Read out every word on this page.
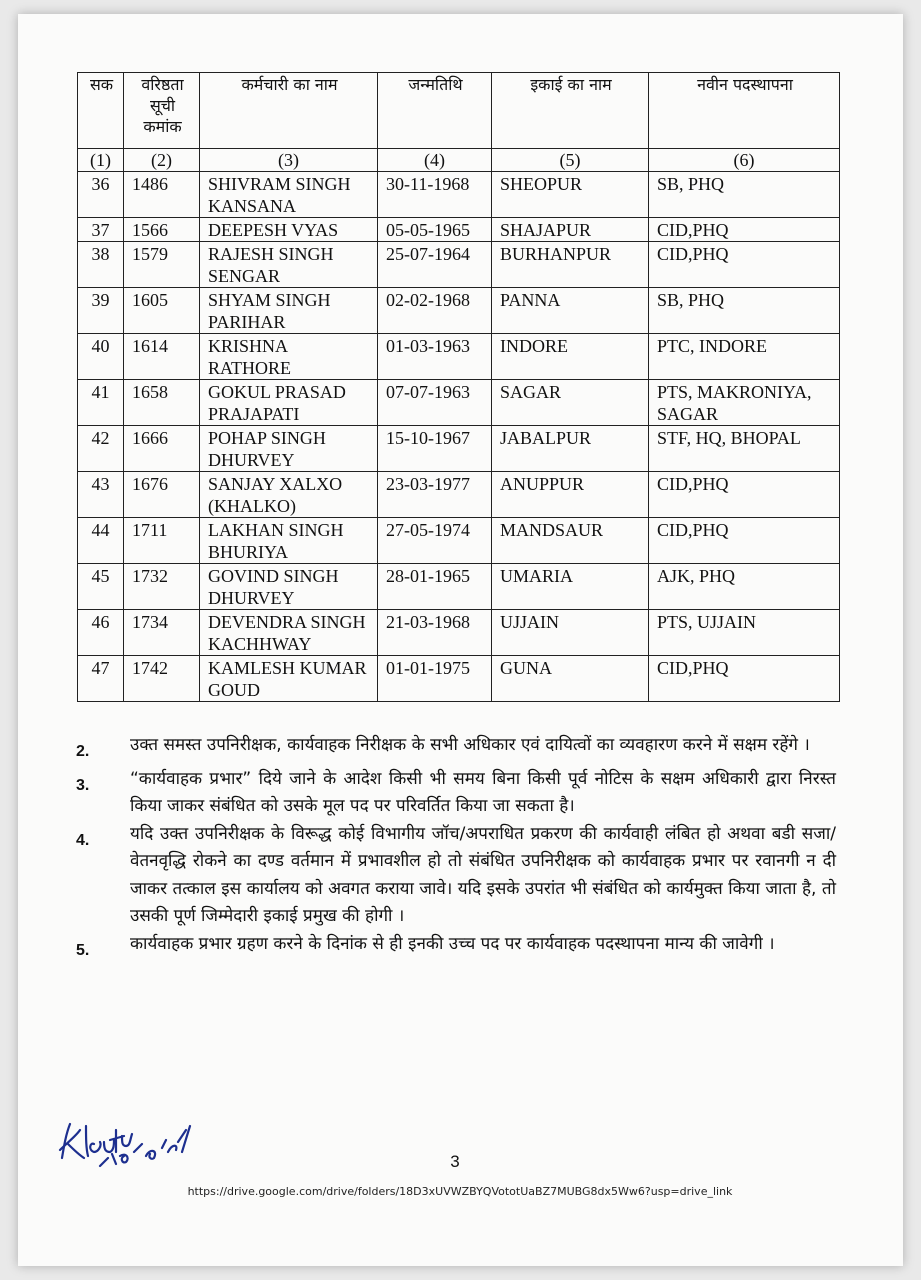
सक	वरिष्ठता सूची कमांक	कर्मचारी का नाम	जन्मतिथि	इकाई का नाम	नवीन पदस्थापना
(1)	(2)	(3)	(4)	(5)	(6)
36	1486	SHIVRAM SINGH KANSANA	30-11-1968	SHEOPUR	SB, PHQ
37	1566	DEEPESH VYAS	05-05-1965	SHAJAPUR	CID,PHQ
38	1579	RAJESH SINGH SENGAR	25-07-1964	BURHANPUR	CID,PHQ
39	1605	SHYAM SINGH PARIHAR	02-02-1968	PANNA	SB, PHQ
40	1614	KRISHNA RATHORE	01-03-1963	INDORE	PTC, INDORE
41	1658	GOKUL PRASAD PRAJAPATI	07-07-1963	SAGAR	PTS, MAKRONIYA, SAGAR
42	1666	POHAP SINGH DHURVEY	15-10-1967	JABALPUR	STF, HQ, BHOPAL
43	1676	SANJAY XALXO (KHALKO)	23-03-1977	ANUPPUR	CID,PHQ
44	1711	LAKHAN SINGH BHURIYA	27-05-1974	MANDSAUR	CID,PHQ
45	1732	GOVIND SINGH DHURVEY	28-01-1965	UMARIA	AJK, PHQ
46	1734	DEVENDRA SINGH KACHHWAY	21-03-1968	UJJAIN	PTS, UJJAIN
47	1742	KAMLESH KUMAR GOUD	01-01-1975	GUNA	CID,PHQ
2.	उक्त समस्त उपनिरीक्षक, कार्यवाहक निरीक्षक के सभी अधिकार एवं दायित्वों का व्यवहारण करने में सक्षम रहेंगे ।
3.	“कार्यवाहक प्रभार” दिये जाने के आदेश किसी भी समय बिना किसी पूर्व नोटिस के सक्षम अधिकारी द्वारा निरस्त किया जाकर संबंधित को उसके मूल पद पर परिवर्तित किया जा सकता है।
4.	यदि उक्त उपनिरीक्षक के विरूद्ध कोई विभागीय जॉच/अपराधित प्रकरण की कार्यवाही लंबित हो अथवा बडी सजा/वेतनवृद्धि रोकने का दण्ड वर्तमान में प्रभावशील हो तो संबंधित उपनिरीक्षक को कार्यवाहक प्रभार पर रवानगी न दी जाकर तत्काल इस कार्यालय को अवगत कराया जावे। यदि इसके उपरांत भी संबंधित को कार्यमुक्त किया जाता है, तो उसकी पूर्ण जिम्मेदारी इकाई प्रमुख की होगी ।
5.	कार्यवाहक प्रभार ग्रहण करने के दिनांक से ही इनकी उच्च पद पर कार्यवाहक पदस्थापना मान्य की जावेगी ।
3
https://drive.google.com/drive/folders/18D3xUVWZBYQVototUaBZ7MUBG8dx5Ww6?usp=drive_link
